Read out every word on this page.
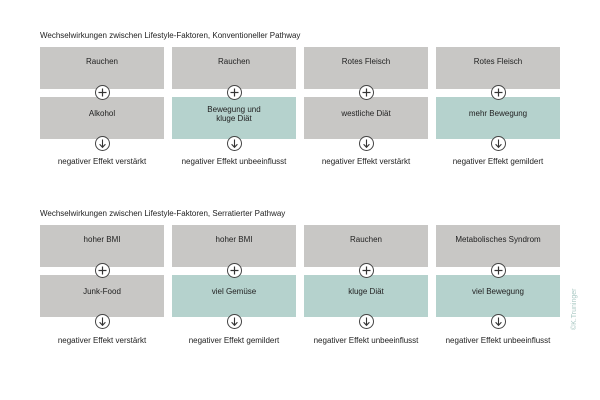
Wechselwirkungen zwischen Lifestyle-Faktoren, Konventioneller Pathway
Rauchen
Alkohol
negativer Effekt verstärkt
Rauchen
Bewegung und kluge Diät
negativer Effekt unbeeinflusst
Rotes Fleisch
westliche Diät
negativer Effekt verstärkt
Rotes Fleisch
mehr Bewegung
negativer Effekt gemildert
Wechselwirkungen zwischen Lifestyle-Faktoren, Serratierter Pathway
hoher BMI
Junk-Food
negativer Effekt verstärkt
hoher BMI
viel Gemüse
negativer Effekt gemildert
Rauchen
kluge Diät
negativer Effekt unbeeinflusst
Metabolisches Syndrom
viel Bewegung
negativer Effekt unbeeinflusst
©K.Truninger
